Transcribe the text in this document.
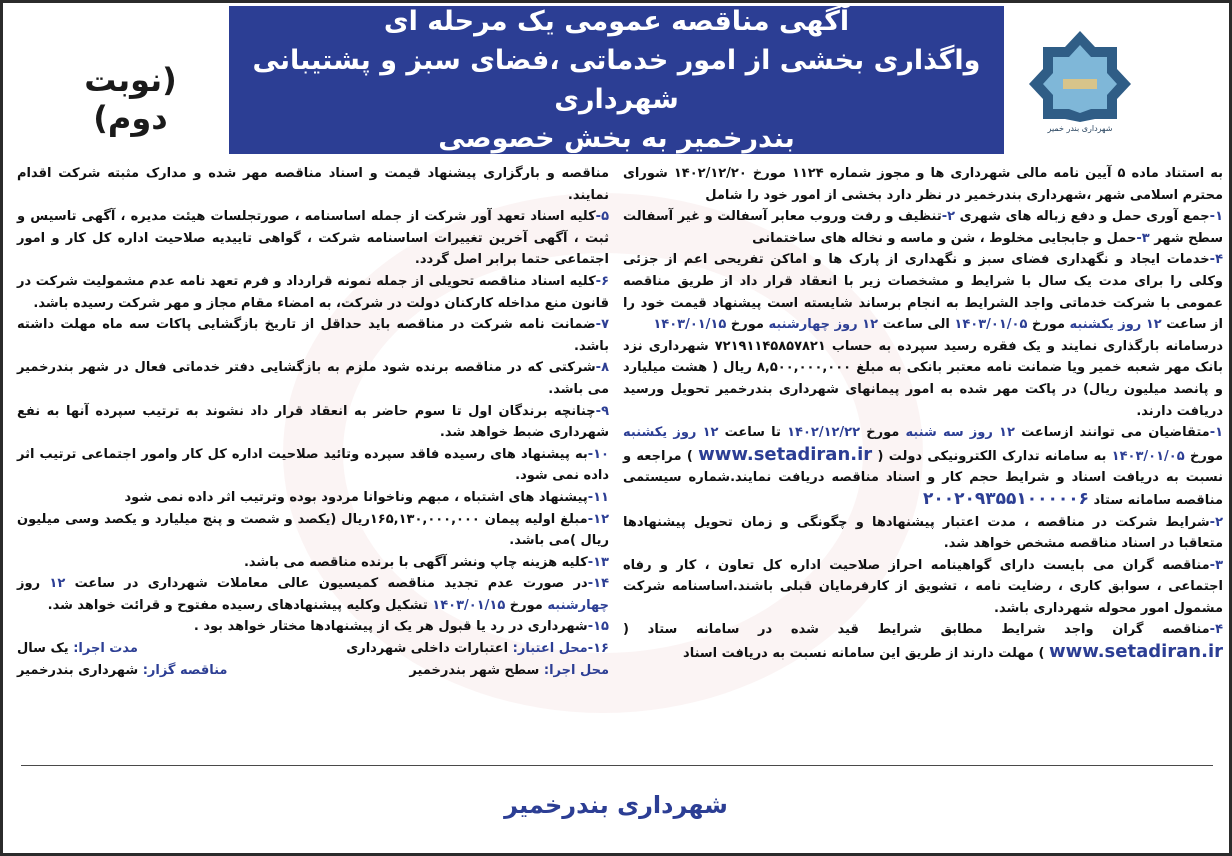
شهرداری بندر خمیر
آگهی مناقصه عمومی یک مرحله ای
واگذاری بخشی از امور خدماتی ،فضای سبز و پشتیبانی شهرداری
بندرخمیر به بخش خصوصی
(نوبت دوم)

به استناد ماده ۵ آیین نامه مالی شهرداری ها و مجوز شماره ۱۱۲۴ مورخ ۱۴۰۲/۱۲/۲۰ شورای محترم اسلامی شهر ،شهرداری بندرخمیر در نظر دارد بخشی از امور خود را شامل

۱-جمع آوری حمل و دفع زباله های شهری ۲-تنظیف و رفت وروب معابر آسفالت و غیر آسفالت سطح شهر ۳-حمل و جابجایی مخلوط ، شن و ماسه و نخاله های ساختمانی

۴-خدمات ایجاد و نگهداری فضای سبز و نگهداری از پارک ها و اماکن تفریحی اعم از جزئی وکلی را برای مدت یک سال با شرایط و مشخصات زیر با انعقاد قرار داد از طریق مناقصه عمومی با شرکت خدماتی واجد الشرایط به انجام برساند شایسته است پیشنهاد قیمت خود را از ساعت ۱۲ روز یکشنبه مورخ ۱۴۰۳/۰۱/۰۵ الی ساعت ۱۲ روز چهارشنبه مورخ ۱۴۰۳/۰۱/۱۵

درسامانه بارگذاری نمایند و یک فقره رسید سپرده به حساب ۷۲۱۹۱۱۴۵۸۵۷۸۲۱ شهرداری نزد بانک مهر شعبه خمیر ویا ضمانت نامه معتبر بانکی به مبلغ ۸,۵۰۰,۰۰۰,۰۰۰ ریال ( هشت میلیارد و پانصد میلیون ریال) در پاکت مهر شده به امور پیمانهای شهرداری بندرخمیر تحویل ورسید دریافت دارند.

۱-متقاضیان می توانند ازساعت ۱۲ روز سه شنبه مورخ ۱۴۰۲/۱۲/۲۲ تا ساعت ۱۲ روز یکشنبه مورخ ۱۴۰۳/۰۱/۰۵ به سامانه تدارک الکترونیکی دولت ( www.setadiran.ir ) مراجعه و نسبت به دریافت اسناد و شرایط حجم کار و اسناد مناقصه دریافت نمایند.شماره سیستمی مناقصه سامانه ستاد ۲۰۰۲۰۹۳۵۵۱۰۰۰۰۰۶

۲-شرایط شرکت در مناقصه ، مدت اعتبار پیشنهادها و چگونگی و زمان تحویل پیشنهادها متعاقبا در اسناد مناقصه مشخص خواهد شد.

۳-مناقصه گران می بایست دارای گواهینامه احراز صلاحیت اداره کل تعاون ، کار و رفاه اجتماعی ، سوابق کاری ، رضایت نامه ، تشویق از کارفرمایان قبلی باشند.اساسنامه شرکت مشمول امور محوله شهرداری باشد.

۴-مناقصه گران واجد شرایط مطابق شرایط قید شده در سامانه ستاد ( www.setadiran.ir ) مهلت دارند از طریق این سامانه نسبت به دریافت اسناد

مناقصه و بارگزاری پیشنهاد قیمت و اسناد مناقصه مهر شده و مدارک مثبته شرکت اقدام نمایند.

۵-کلیه اسناد تعهد آور شرکت از جمله اساسنامه ، صورتجلسات هیئت مدیره ، آگهی تاسیس و ثبت ، آگهی آخرین تغییرات اساسنامه شرکت ، گواهی تاییدیه صلاحیت اداره کل کار و امور اجتماعی حتما برابر اصل گردد.

۶-کلیه اسناد مناقصه تحویلی از جمله نمونه قرارداد و فرم تعهد نامه عدم مشمولیت شرکت در قانون منع مداخله کارکنان دولت در شرکت، به امضاء مقام مجاز و مهر شرکت رسیده باشد.

۷-ضمانت نامه شرکت در مناقصه باید حداقل از تاریخ بازگشایی پاکات سه ماه مهلت داشته باشد.

۸-شرکتی که در مناقصه برنده شود ملزم به بازگشایی دفتر خدماتی فعال در شهر بندرخمیر می باشد.

۹-چنانچه برندگان اول تا سوم حاضر به انعقاد قرار داد نشوند به ترتیب سپرده آنها به نفع شهرداری ضبط خواهد شد.

۱۰-به پیشنهاد های رسیده فاقد سپرده وتائید صلاحیت اداره کل کار وامور اجتماعی ترتیب اثر داده نمی شود.

۱۱-پیشنهاد های اشتباه ، مبهم وناخوانا مردود بوده وترتیب اثر داده نمی شود

۱۲-مبلغ اولیه پیمان ۱۶۵,۱۳۰,۰۰۰,۰۰۰ریال (یکصد و شصت و پنج میلیارد و یکصد وسی میلیون ریال )می باشد.

۱۳-کلیه هزینه چاپ ونشر آگهی با برنده مناقصه می باشد.

۱۴-در صورت عدم تجدید مناقصه کمیسیون عالی معاملات شهرداری در ساعت ۱۲ روز چهارشنبه مورخ ۱۴۰۳/۰۱/۱۵ تشکیل وکلیه پیشنهادهای رسیده مفتوح و قرائت خواهد شد.

۱۵-شهرداری در رد یا قبول هر یک از پیشنهادها مختار خواهد بود .

۱۶-محل اعتبار: اعتبارات داخلی شهرداری
مدت اجرا: یک سال
محل اجرا: سطح شهر بندرخمیر
مناقصه گزار: شهرداری بندرخمیر
شهرداری بندرخمیر
